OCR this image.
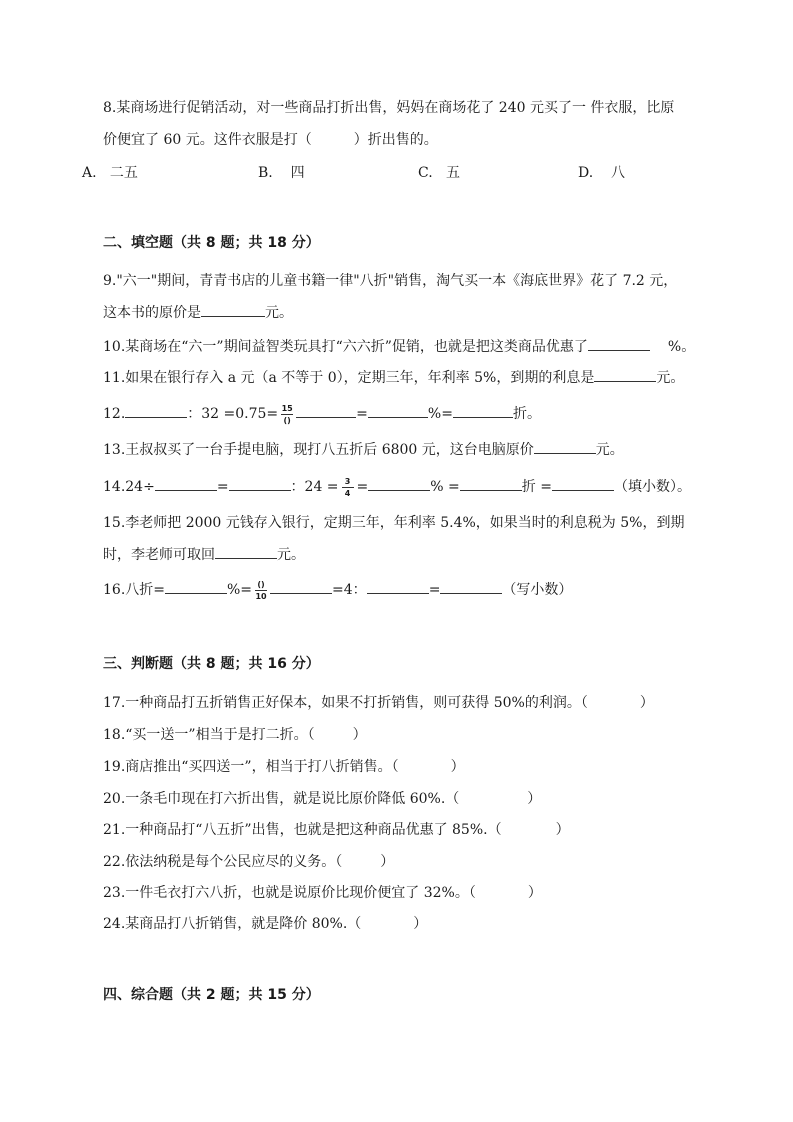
8.某商场进行促销活动，对一些商品打折出售，妈妈在商场花了 240 元买了一 件衣服，比原
价便宜了 60 元。这件衣服是打（	）折出售的。
A. 二五	B. 四	C. 五	D. 八
二、填空题（共 8 题；共 18 分）
9."六一"期间，青青书店的儿童书籍一律"八折"销售，淘气买一本《海底世界》花了 7.2 元，
这本书的原价是	元。
10.某商场在“六一”期间益智类玩具打“六六折”促销，也就是把这类商品优惠了	%。
11.如果在银行存入 a 元（a 不等于 0），定期三年，年利率 5%，到期的利息是	元。
12.	：$32 =0.75= \frac{15}{()}$	=	%=	折。
13.王叔叔买了一台手提电脑，现打八五折后 6800 元，这台电脑原价	元。
14.24÷	=	：$24 = \frac{3}{4}$ =	% =	折 =	（填小数）。
15.李老师把 2000 元钱存入银行，定期三年，年利率 5.4%，如果当时的利息税为 5%，到期
时，李老师可取回	元。
16.八折=	%= $\frac{()}{10}$	=4：	=	（写小数）
三、判断题（共 8 题；共 16 分）
17.一种商品打五折销售正好保本，如果不打折销售，则可获得 50%的利润。（	）
18.“买一送一”相当于是打二折。（	）
19.商店推出“买四送一”，相当于打八折销售。（	）
20.一条毛巾现在打六折出售，就是说比原价降低 60%.（	）
21.一种商品打“八五折”出售，也就是把这种商品优惠了 85%.（	）
22.依法纳税是每个公民应尽的义务。（	）
23.一件毛衣打六八折，也就是说原价比现价便宜了 32%。（	）
24.某商品打八折销售，就是降价 80%.（	）
四、综合题（共 2 题；共 15 分）
